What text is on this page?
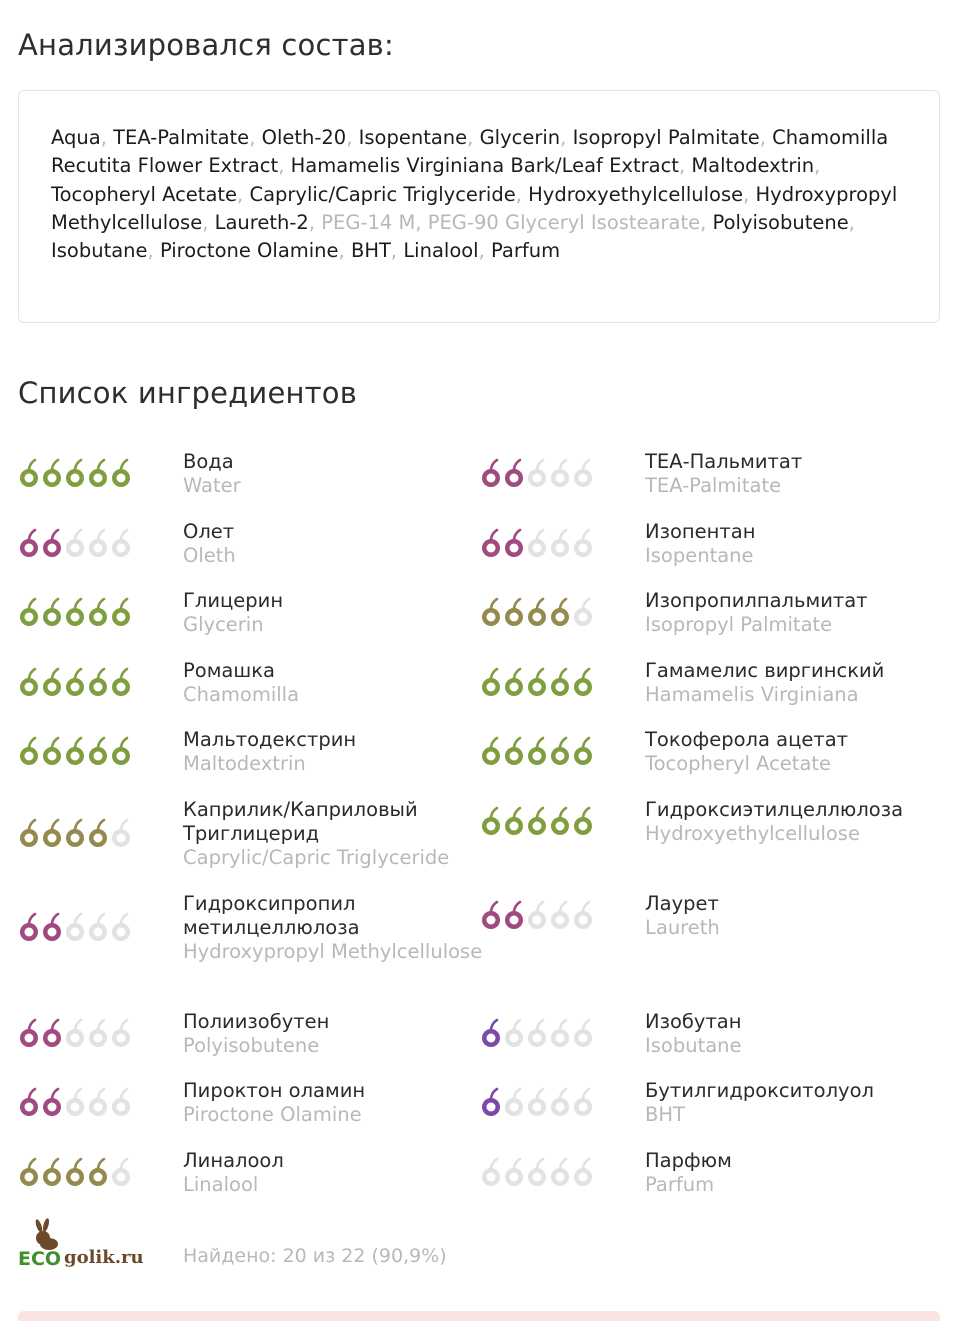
Анализировался состав:
Aqua, TEA-Palmitate, Oleth-20, Isopentane, Glycerin, Isopropyl Palmitate, Chamomilla Recutita Flower Extract, Hamamelis Virginiana Bark/Leaf Extract, Maltodextrin, Tocopheryl Acetate, Caprylic/Capric Triglyceride, Hydroxyethylcellulose, Hydroxypropyl Methylcellulose, Laureth-2, PEG-14 M, PEG-90 Glyceryl Isostearate, Polyisobutene, Isobutane, Piroctone Olamine, BHT, Linalool, Parfum
Список ингредиентов
Вода
Water
ТЕА-Пальмитат
TEA-Palmitate
Олет
Oleth
Изопентан
Isopentane
Глицерин
Glycerin
Изопропилпальмитат
Isopropyl Palmitate
Ромашка
Chamomilla
Гамамелис виргинский
Hamamelis Virginiana
Мальтодекстрин
Maltodextrin
Токоферола ацетат
Tocopheryl Acetate
Каприлик/Каприловый Триглицерид
Caprylic/Capric Triglyceride
Гидроксиэтилцеллюлоза
Hydroxyethylcellulose
Гидроксипропил метилцеллюлоза
Hydroxypropyl Methylcellulose
Лаурет
Laureth
Полиизобутен
Polyisobutene
Изобутан
Isobutane
Пироктон оламин
Piroctone Olamine
Бутилгидрокситолуол
BHT
Линалоол
Linalool
Парфюм
Parfum
ECO golik.ru Найдено: 20 из 22 (90,9%)
